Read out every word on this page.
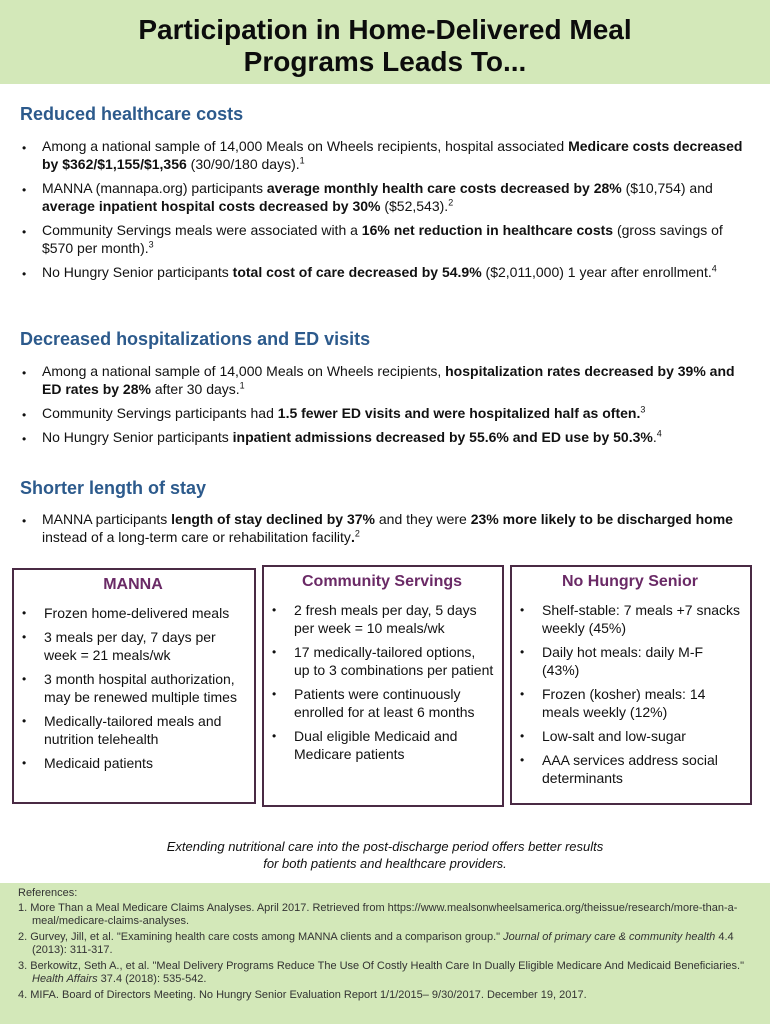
Participation in Home-Delivered Meal
Programs Leads To...
Reduced healthcare costs
• Among a national sample of 14,000 Meals on Wheels recipients, hospital associated Medicare costs decreased by $362/$1,155/$1,356 (30/90/180 days).$^1$
• MANNA (mannapa.org) participants average monthly health care costs decreased by 28% ($10,754) and average inpatient hospital costs decreased by 30% ($52,543).$^2$
• Community Servings meals were associated with a 16% net reduction in healthcare costs (gross savings of $570 per month).$^3$
• No Hungry Senior participants total cost of care decreased by 54.9% ($2,011,000) 1 year after enrollment.$^4$
Decreased hospitalizations and ED visits
• Among a national sample of 14,000 Meals on Wheels recipients, hospitalization rates decreased by 39% and ED rates by 28% after 30 days.$^1$
• Community Servings participants had 1.5 fewer ED visits and were hospitalized half as often.$^3$
• No Hungry Senior participants inpatient admissions decreased by 55.6% and ED use by 50.3%.$^4$
Shorter length of stay
• MANNA participants length of stay declined by 37% and they were 23% more likely to be discharged home instead of a long-term care or rehabilitation facility.$^2$
MANNA
• Frozen home-delivered meals
• 3 meals per day, 7 days per week = 21 meals/wk
• 3 month hospital authorization, may be renewed multiple times
• Medically-tailored meals and nutrition telehealth
• Medicaid patients
Community Servings
• 2 fresh meals per day, 5 days per week = 10 meals/wk
• 17 medically-tailored options, up to 3 combinations per patient
• Patients were continuously enrolled for at least 6 months
• Dual eligible Medicaid and Medicare patients
No Hungry Senior
• Shelf-stable: 7 meals +7 snacks weekly (45%)
• Daily hot meals: daily M-F (43%)
• Frozen (kosher) meals: 14 meals weekly (12%)
• Low-salt and low-sugar
• AAA services address social determinants
Extending nutritional care into the post-discharge period offers better results
for both patients and healthcare providers.
References:
1. More Than a Meal Medicare Claims Analyses. April 2017. Retrieved from https://www.mealsonwheelsamerica.org/theissue/research/more-than-a-meal/medicare-claims-analyses.
2. Gurvey, Jill, et al. "Examining health care costs among MANNA clients and a comparison group." Journal of primary care & community health 4.4 (2013): 311-317.
3. Berkowitz, Seth A., et al. "Meal Delivery Programs Reduce The Use Of Costly Health Care In Dually Eligible Medicare And Medicaid Beneficiaries." Health Affairs 37.4 (2018): 535-542.
4. MIFA. Board of Directors Meeting. No Hungry Senior Evaluation Report 1/1/2015– 9/30/2017. December 19, 2017.
